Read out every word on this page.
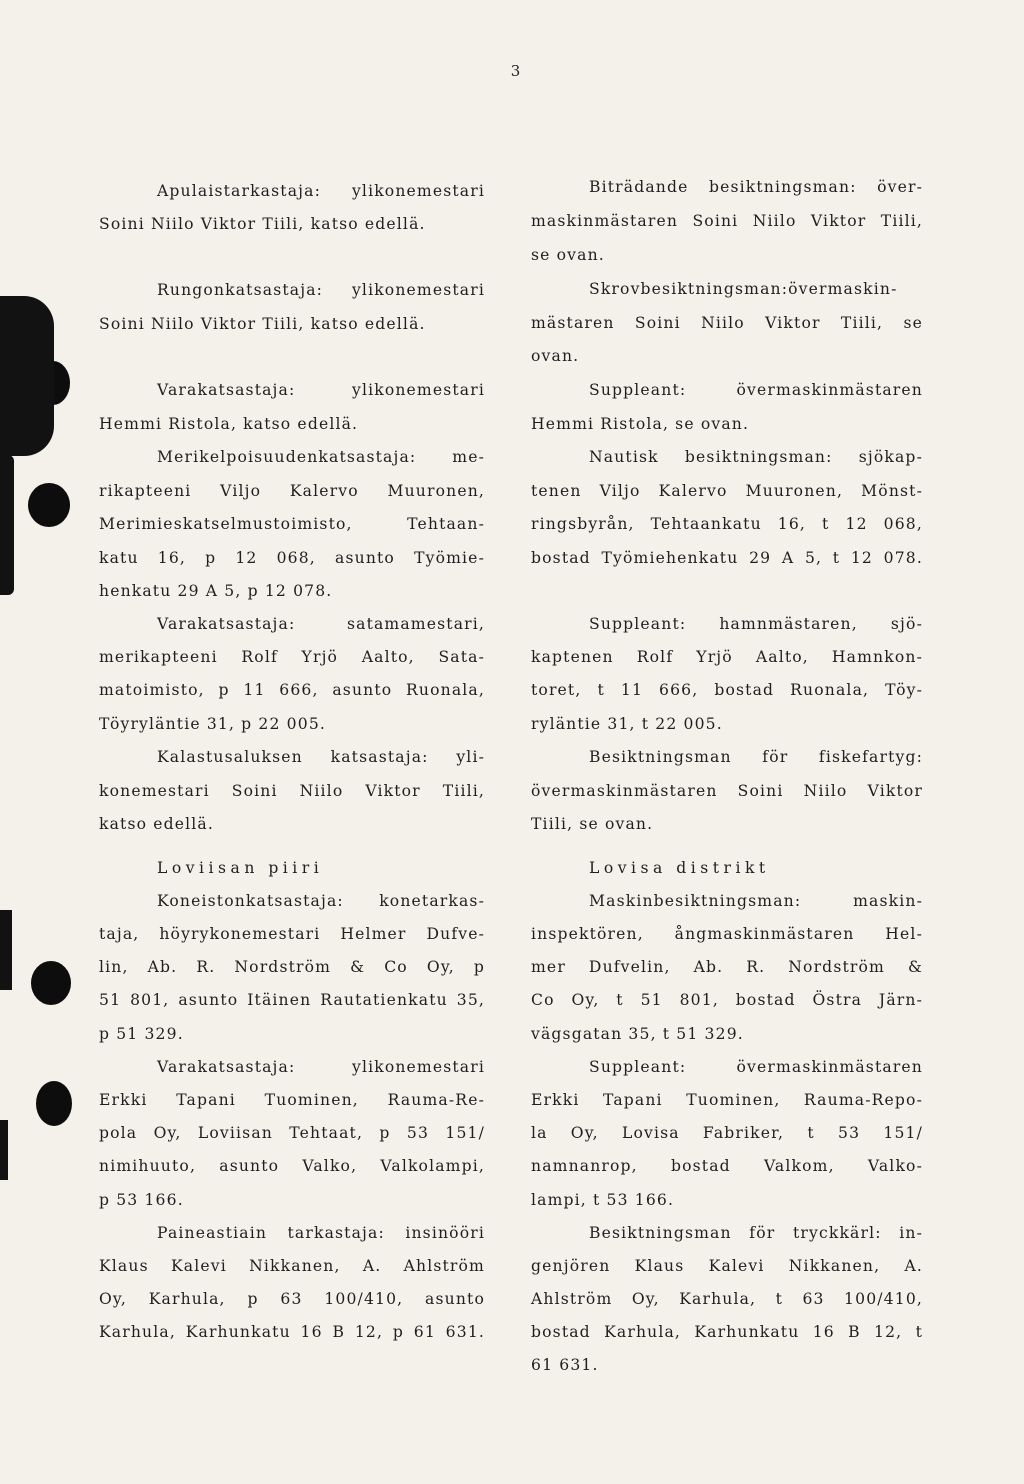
3
Apulaistarkastaja: ylikonemestari
Soini Niilo Viktor Tiili, katso edellä.
Rungonkatsastaja: ylikonemestari
Soini Niilo Viktor Tiili, katso edellä.
Varakatsastaja: ylikonemestari
Hemmi Ristola, katso edellä.
Merikelpoisuudenkatsastaja: me-
rikapteeni Viljo Kalervo Muuronen,
Merimieskatselmustoimisto, Tehtaan-
katu 16, p 12 068, asunto Työmie-
henkatu 29 A 5, p 12 078.
Varakatsastaja: satamamestari,
merikapteeni Rolf Yrjö Aalto, Sata-
matoimisto, p 11 666, asunto Ruonala,
Töyryläntie 31, p 22 005.
Kalastusaluksen katsastaja: yli-
konemestari Soini Niilo Viktor Tiili,
katso edellä.
Loviisan piiri
Koneistonkatsastaja: konetarkas-
taja, höyrykonemestari Helmer Dufve-
lin, Ab. R. Nordström & Co Oy, p
51 801, asunto Itäinen Rautatienkatu 35,
p 51 329.
Varakatsastaja: ylikonemestari
Erkki Tapani Tuominen, Rauma-Re-
pola Oy, Loviisan Tehtaat, p 53 151/
nimihuuto, asunto Valko, Valkolampi,
p 53 166.
Paineastiain tarkastaja: insinööri
Klaus Kalevi Nikkanen, A. Ahlström
Oy, Karhula, p 63 100/410, asunto
Karhula, Karhunkatu 16 B 12, p 61 631.
Biträdande besiktningsman: över-
maskinmästaren Soini Niilo Viktor Tiili,
se ovan.
Skrovbesiktningsman:övermaskin-
mästaren Soini Niilo Viktor Tiili, se
ovan.
Suppleant: övermaskinmästaren
Hemmi Ristola, se ovan.
Nautisk besiktningsman: sjökap-
tenen Viljo Kalervo Muuronen, Mönst-
ringsbyrån, Tehtaankatu 16, t 12 068,
bostad Työmiehenkatu 29 A 5, t 12 078.
Suppleant: hamnmästaren, sjö-
kaptenen Rolf Yrjö Aalto, Hamnkon-
toret, t 11 666, bostad Ruonala, Töy-
ryläntie 31, t 22 005.
Besiktningsman för fiskefartyg:
övermaskinmästaren Soini Niilo Viktor
Tiili, se ovan.
Lovisa distrikt
Maskinbesiktningsman: maskin-
inspektören, ångmaskinmästaren Hel-
mer Dufvelin, Ab. R. Nordström &
Co Oy, t 51 801, bostad Östra Järn-
vägsgatan 35, t 51 329.
Suppleant: övermaskinmästaren
Erkki Tapani Tuominen, Rauma-Repo-
la Oy, Lovisa Fabriker, t 53 151/
namnanrop, bostad Valkom, Valko-
lampi, t 53 166.
Besiktningsman för tryckkärl: in-
genjören Klaus Kalevi Nikkanen, A.
Ahlström Oy, Karhula, t 63 100/410,
bostad Karhula, Karhunkatu 16 B 12, t
61 631.
